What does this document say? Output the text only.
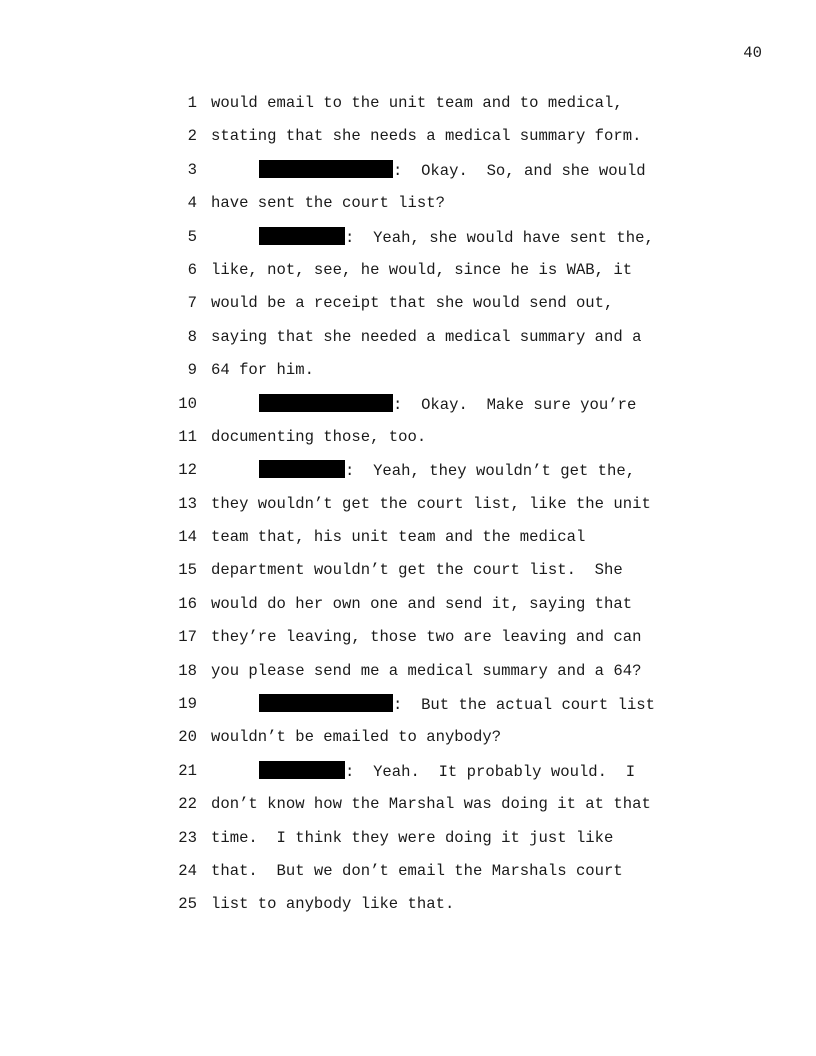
40
1 would email to the unit team and to medical,
2 stating that she needs a medical summary form.
3	:  Okay.  So, and she would
4 have sent the court list?
5	:  Yeah, she would have sent the,
6 like, not, see, he would, since he is WAB, it
7 would be a receipt that she would send out,
8 saying that she needed a medical summary and a
9 64 for him.
10	:  Okay.  Make sure you’re
11 documenting those, too.
12	:  Yeah, they wouldn’t get the,
13 they wouldn’t get the court list, like the unit
14 team that, his unit team and the medical
15 department wouldn’t get the court list.  She
16 would do her own one and send it, saying that
17 they’re leaving, those two are leaving and can
18 you please send me a medical summary and a 64?
19	:  But the actual court list
20 wouldn’t be emailed to anybody?
21	:  Yeah.  It probably would.  I
22 don’t know how the Marshal was doing it at that
23 time.  I think they were doing it just like
24 that.  But we don’t email the Marshals court
25 list to anybody like that.
